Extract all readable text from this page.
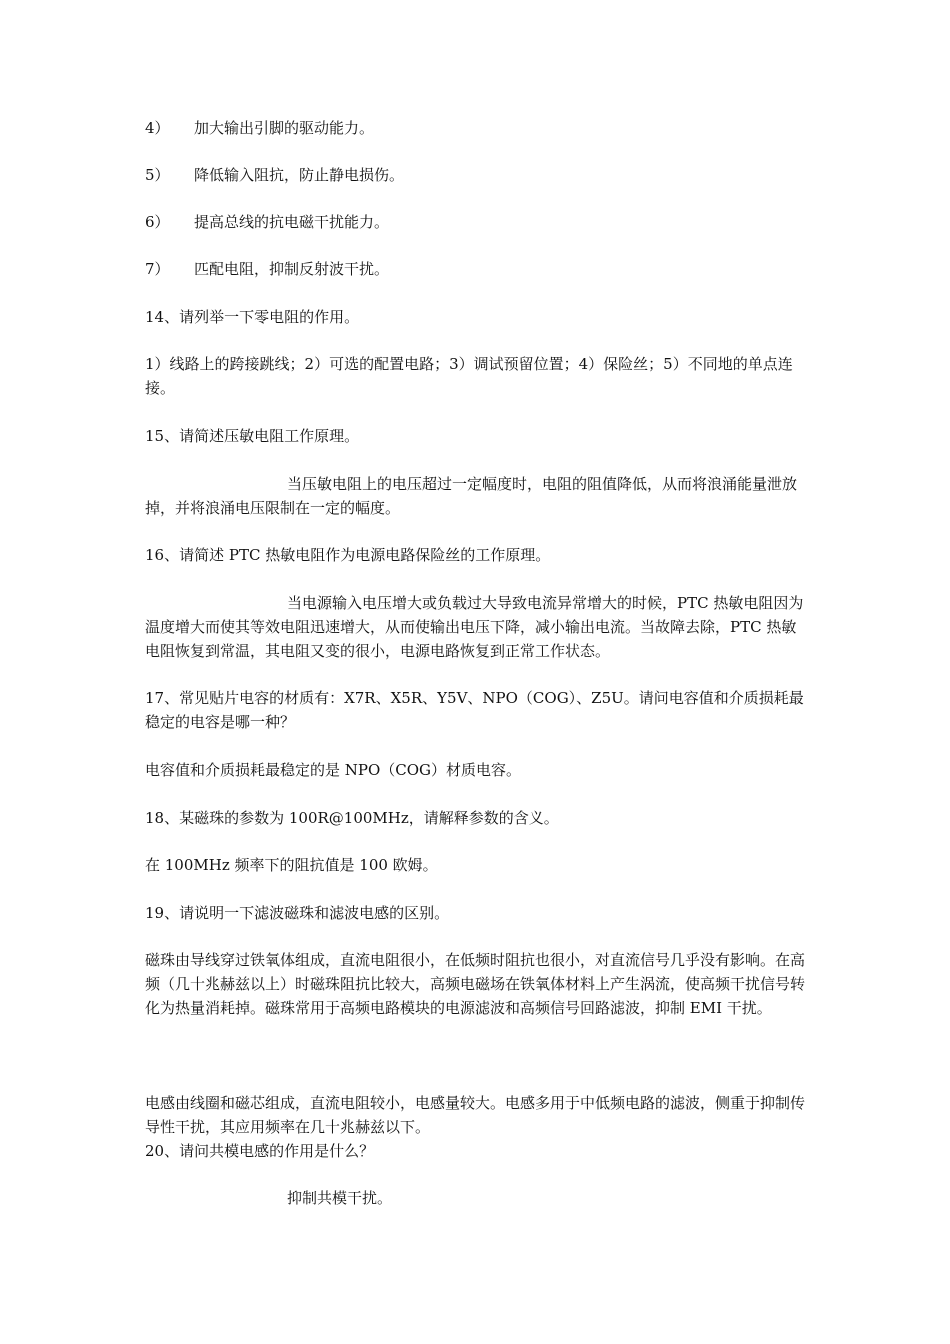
4）	加大输出引脚的驱动能力。
5）	降低输入阻抗，防止静电损伤。
6）	提高总线的抗电磁干扰能力。
7）	匹配电阻，抑制反射波干扰。

14、请列举一下零电阻的作用。

1）线路上的跨接跳线；2）可选的配置电路；3）调试预留位置；4）保险丝；5）不同地的单点连接。

15、请简述压敏电阻工作原理。

当压敏电阻上的电压超过一定幅度时，电阻的阻值降低，从而将浪涌能量泄放掉，并将浪涌电压限制在一定的幅度。

16、请简述 PTC 热敏电阻作为电源电路保险丝的工作原理。

当电源输入电压增大或负载过大导致电流异常增大的时候，PTC 热敏电阻因为温度增大而使其等效电阻迅速增大，从而使输出电压下降，减小输出电流。当故障去除，PTC 热敏电阻恢复到常温，其电阻又变的很小，电源电路恢复到正常工作状态。

17、常见贴片电容的材质有：X7R、X5R、Y5V、NPO（COG）、Z5U。请问电容值和介质损耗最稳定的电容是哪一种？

电容值和介质损耗最稳定的是 NPO（COG）材质电容。

18、某磁珠的参数为 100R@100MHz，请解释参数的含义。

在 100MHz 频率下的阻抗值是 100 欧姆。

19、请说明一下滤波磁珠和滤波电感的区别。

磁珠由导线穿过铁氧体组成，直流电阻很小，在低频时阻抗也很小，对直流信号几乎没有影响。在高频（几十兆赫兹以上）时磁珠阻抗比较大，高频电磁场在铁氧体材料上产生涡流，使高频干扰信号转化为热量消耗掉。磁珠常用于高频电路模块的电源滤波和高频信号回路滤波，抑制 EMI 干扰。

电感由线圈和磁芯组成，直流电阻较小，电感量较大。电感多用于中低频电路的滤波，侧重于抑制传导性干扰，其应用频率在几十兆赫兹以下。

20、请问共模电感的作用是什么？

抑制共模干扰。
